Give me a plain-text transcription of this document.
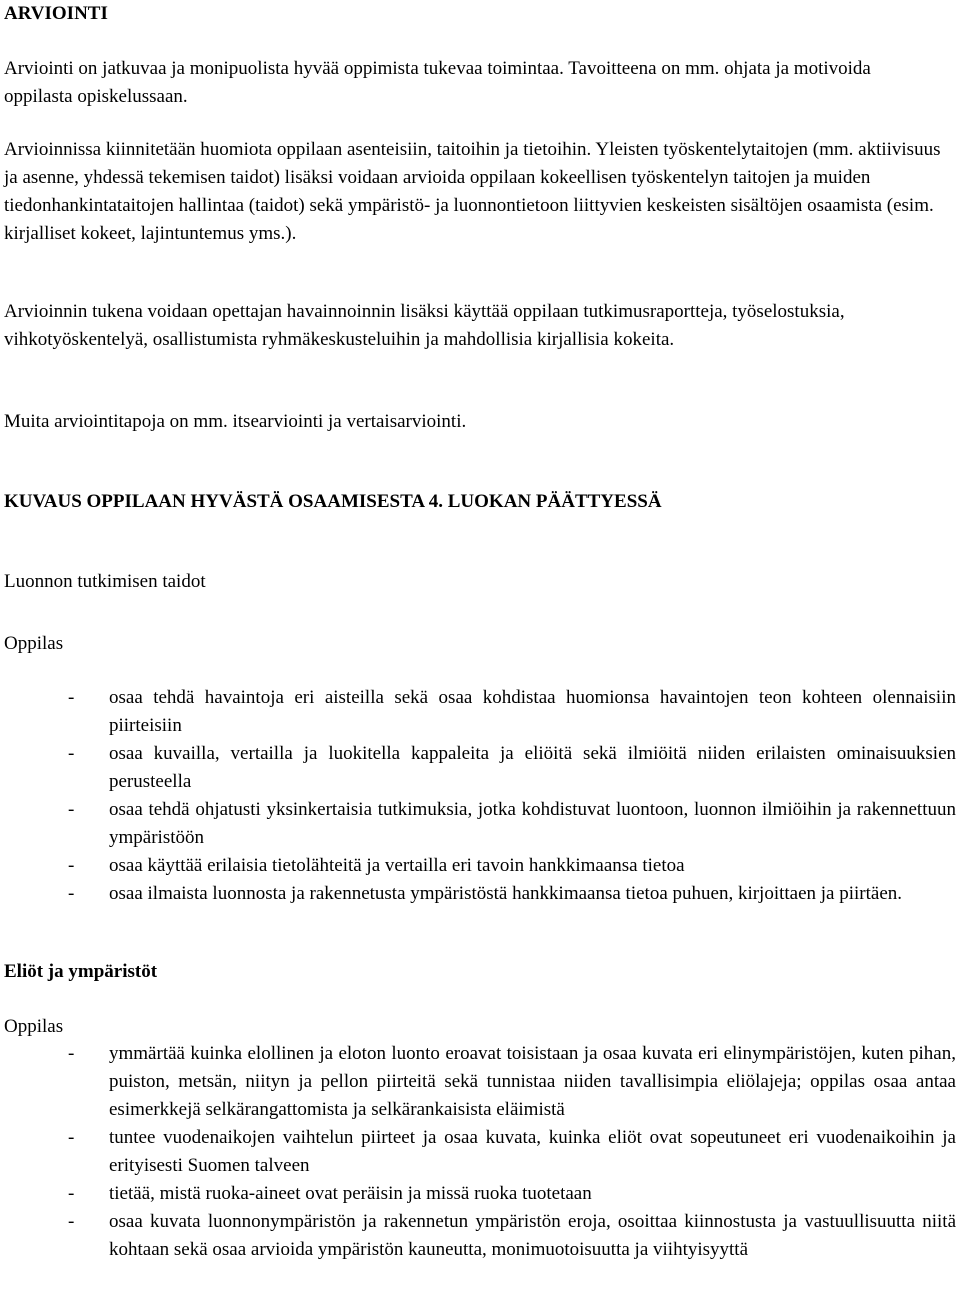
ARVIOINTI
Arviointi on jatkuvaa ja monipuolista hyvää oppimista tukevaa toimintaa. Tavoitteena on mm. ohjata ja motivoida oppilasta opiskelussaan.
Arvioinnissa kiinnitetään huomiota oppilaan asenteisiin, taitoihin ja tietoihin. Yleisten työskentelytaitojen (mm. aktiivisuus ja asenne, yhdessä tekemisen taidot) lisäksi voidaan arvioida oppilaan kokeellisen työskentelyn taitojen ja muiden tiedonhankintataitojen hallintaa (taidot) sekä ympäristö- ja luonnontietoon liittyvien keskeisten sisältöjen osaamista (esim. kirjalliset kokeet, lajintuntemus yms.).
Arvioinnin tukena voidaan opettajan havainnoinnin lisäksi käyttää oppilaan tutkimusraportteja, työselostuksia, vihkotyöskentelyä, osallistumista ryhmäkeskusteluihin ja mahdollisia kirjallisia kokeita.
Muita arviointitapoja on mm. itsearviointi ja vertaisarviointi.
KUVAUS OPPILAAN HYVÄSTÄ OSAAMISESTA 4. LUOKAN PÄÄTTYESSÄ
Luonnon tutkimisen taidot
Oppilas
- osaa tehdä havaintoja eri aisteilla sekä osaa kohdistaa huomionsa havaintojen teon kohteen olennaisiin piirteisiin
- osaa kuvailla, vertailla ja luokitella kappaleita ja eliöitä sekä ilmiöitä niiden erilaisten ominaisuuksien perusteella
- osaa tehdä ohjatusti yksinkertaisia tutkimuksia, jotka kohdistuvat luontoon, luonnon ilmiöihin ja rakennettuun ympäristöön
- osaa käyttää erilaisia tietolähteitä ja vertailla eri tavoin hankkimaansa tietoa
- osaa ilmaista luonnosta ja rakennetusta ympäristöstä hankkimaansa tietoa puhuen, kirjoittaen ja piirtäen.
Eliöt ja ympäristöt
Oppilas
- ymmärtää kuinka elollinen ja eloton luonto eroavat toisistaan ja osaa kuvata eri elinympäristöjen, kuten pihan, puiston, metsän, niityn ja pellon piirteitä sekä tunnistaa niiden tavallisimpia eliölajeja; oppilas osaa antaa esimerkkejä selkärangattomista ja selkärankaisista eläimistä
- tuntee vuodenaikojen vaihtelun piirteet ja osaa kuvata, kuinka eliöt ovat sopeutuneet eri vuodenaikoihin ja erityisesti Suomen talveen
- tietää, mistä ruoka-aineet ovat peräisin ja missä ruoka tuotetaan
- osaa kuvata luonnonympäristön ja rakennetun ympäristön eroja, osoittaa kiinnostusta ja vastuullisuutta niitä kohtaan sekä osaa arvioida ympäristön kauneutta, monimuotoisuutta ja viihtyisyyttä
